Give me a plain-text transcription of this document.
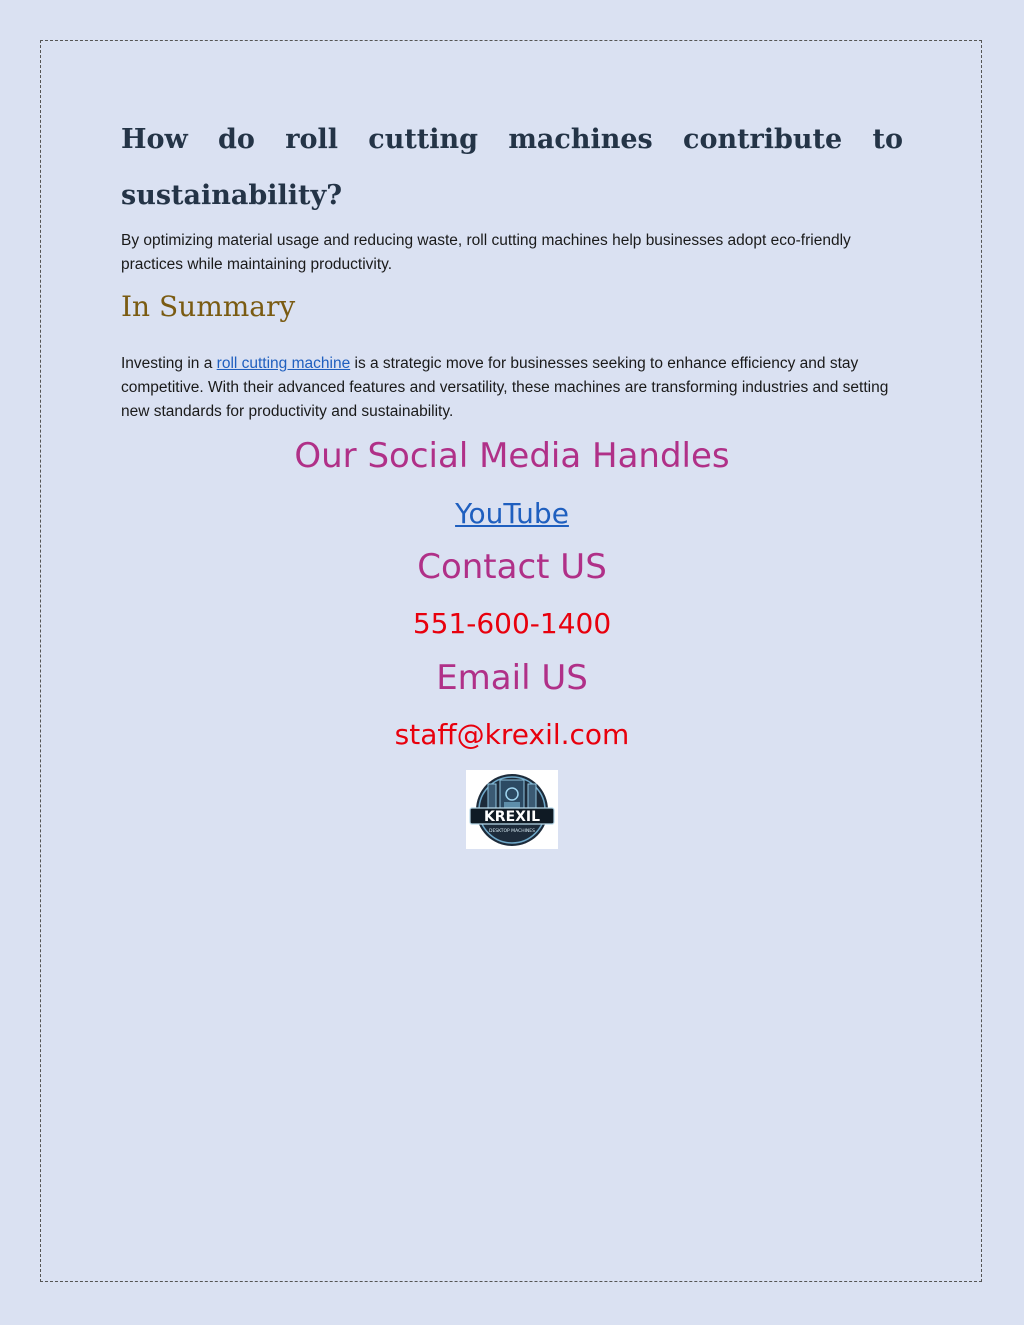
How do roll cutting machines contribute to
sustainability?

By optimizing material usage and reducing waste, roll cutting machines help businesses adopt eco-friendly practices while maintaining productivity.

In Summary

Investing in a roll cutting machine is a strategic move for businesses seeking to enhance efficiency and stay competitive. With their advanced features and versatility, these machines are transforming industries and setting new standards for productivity and sustainability.

Our Social Media Handles

YouTube

Contact US

551-600-1400

Email US

staff@krexil.com

KREXIL
DESKTOP MACHINES
